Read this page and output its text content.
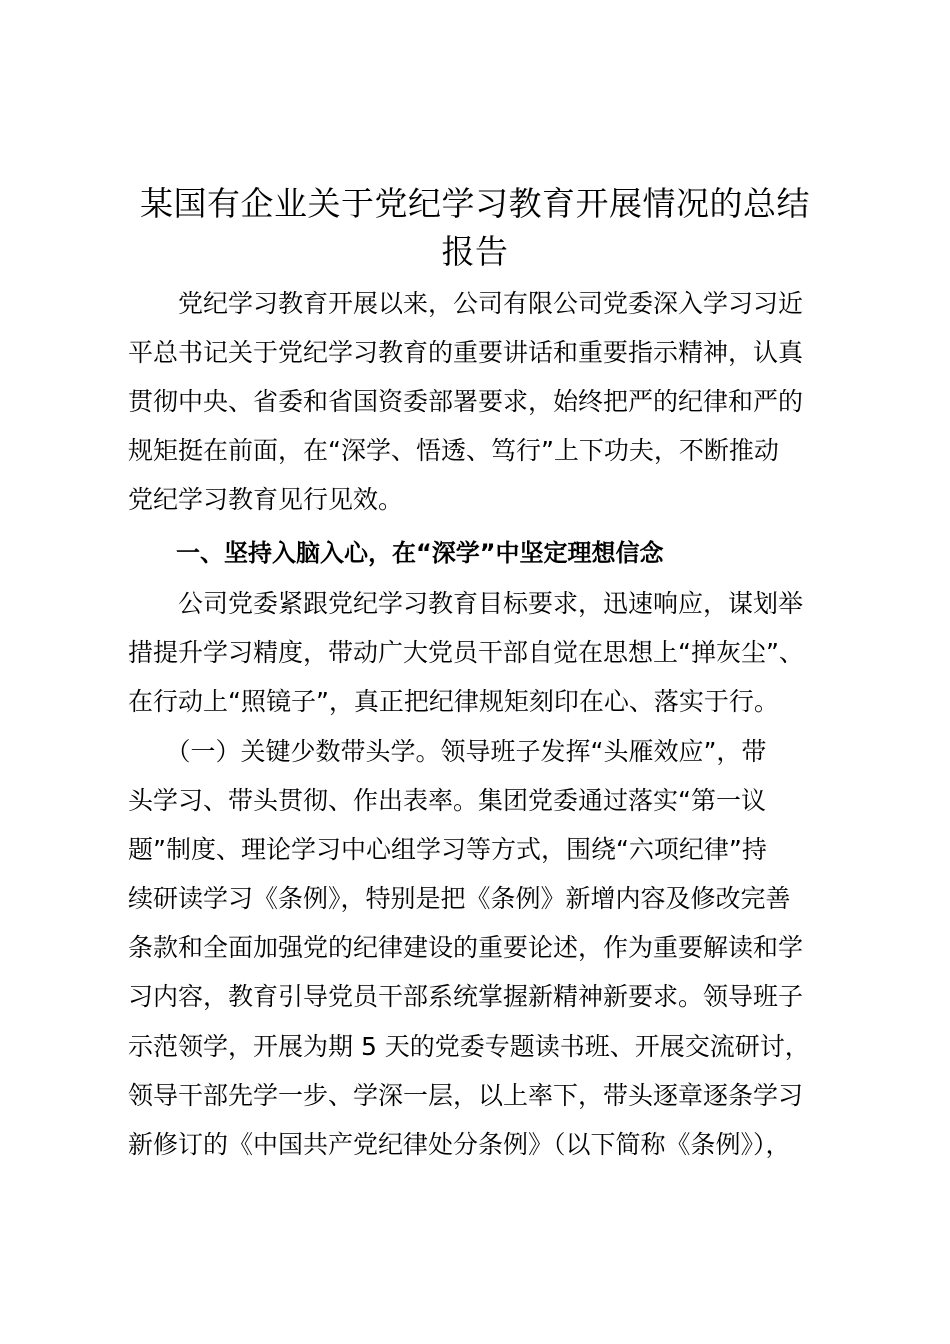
某国有企业关于党纪学习教育开展情况的总结
报告
　　党纪学习教育开展以来，公司有限公司党委深入学习习近
平总书记关于党纪学习教育的重要讲话和重要指示精神，认真
贯彻中央、省委和省国资委部署要求，始终把严的纪律和严的
规矩挺在前面，在“深学、悟透、笃行”上下功夫，不断推动
党纪学习教育见行见效。
　　一、坚持入脑入心，在“深学”中坚定理想信念
　　公司党委紧跟党纪学习教育目标要求，迅速响应，谋划举
措提升学习精度，带动广大党员干部自觉在思想上“掸灰尘”、
在行动上“照镜子”，真正把纪律规矩刻印在心、落实于行。
　　（一）关键少数带头学。领导班子发挥“头雁效应”，带
头学习、带头贯彻、作出表率。集团党委通过落实“第一议
题”制度、理论学习中心组学习等方式，围绕“六项纪律”持
续研读学习《条例》，特别是把《条例》新增内容及修改完善
条款和全面加强党的纪律建设的重要论述，作为重要解读和学
习内容，教育引导党员干部系统掌握新精神新要求。领导班子
示范领学，开展为期 5 天的党委专题读书班、开展交流研讨，
领导干部先学一步、学深一层，以上率下，带头逐章逐条学习
新修订的《中国共产党纪律处分条例》（以下简称《条例》），
